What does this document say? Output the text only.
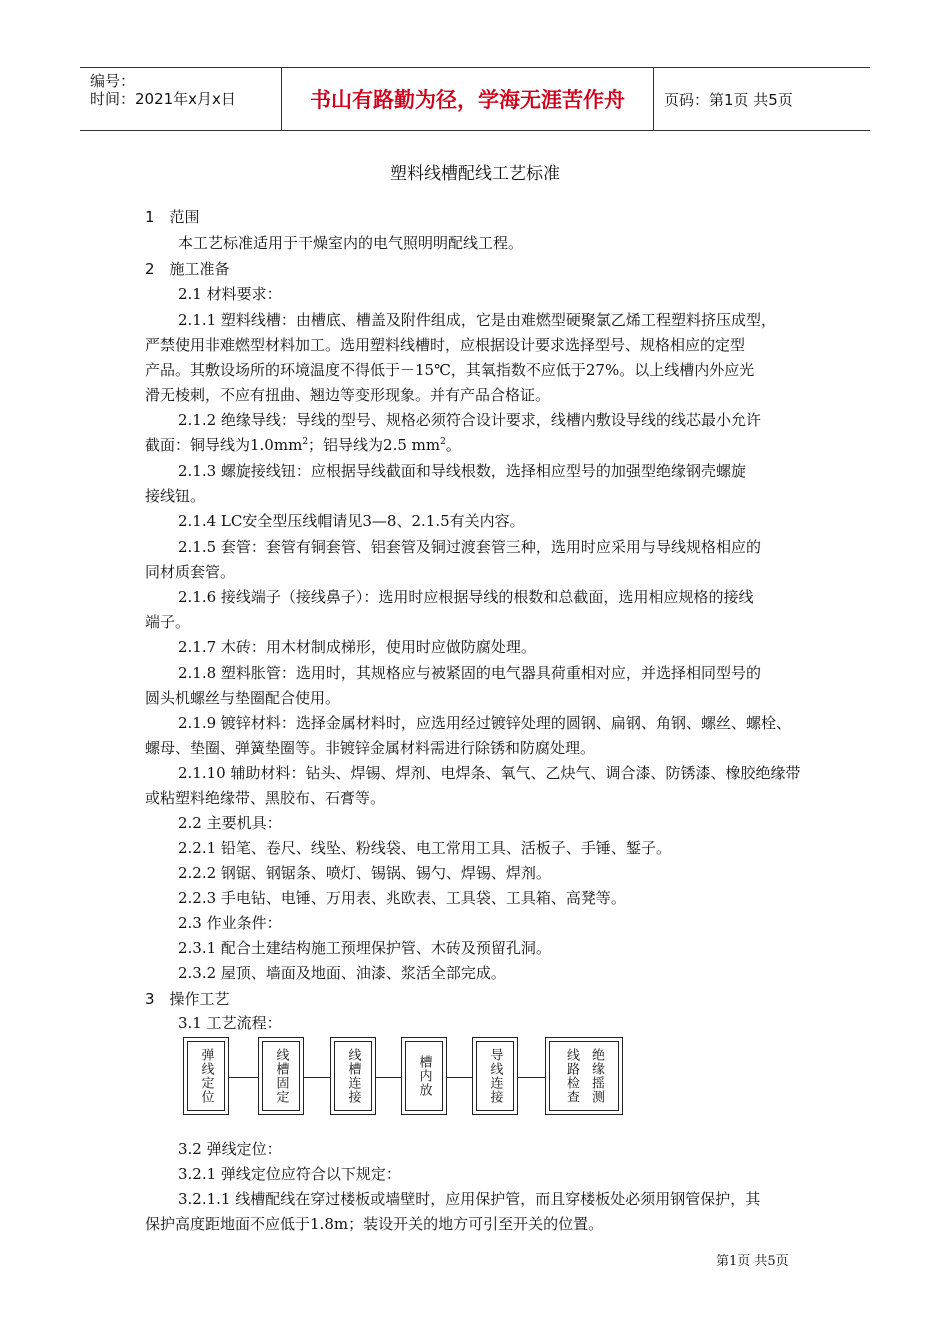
编号：
时间：2021年x月x日	书山有路勤为径，学海无涯苦作舟	页码：第1页 共5页
塑料线槽配线工艺标准
1　范围
本工艺标准适用于干燥室内的电气照明明配线工程。
2　施工准备
2.1 材料要求：
2.1.1 塑料线槽：由槽底、槽盖及附件组成，它是由难燃型硬聚氯乙烯工程塑料挤压成型，
严禁使用非难燃型材料加工。选用塑料线槽时，应根据设计要求选择型号、规格相应的定型
产品。其敷设场所的环境温度不得低于－15℃，其氧指数不应低于27%。以上线槽内外应光
滑无棱刺，不应有扭曲、翘边等变形现象。并有产品合格证。
2.1.2 绝缘导线：导线的型号、规格必须符合设计要求，线槽内敷设导线的线芯最小允许
截面：铜导线为$1.0mm^2$；铝导线为2.5 $mm^2$。
2.1.3 螺旋接线钮：应根据导线截面和导线根数，选择相应型号的加强型绝缘钢壳螺旋
接线钮。
2.1.4 LC安全型压线帽请见3—8、2.1.5有关内容。
2.1.5 套管：套管有铜套管、铝套管及铜过渡套管三种，选用时应采用与导线规格相应的
同材质套管。
2.1.6 接线端子（接线鼻子）：选用时应根据导线的根数和总截面，选用相应规格的接线
端子。
2.1.7 木砖：用木材制成梯形，使用时应做防腐处理。
2.1.8 塑料胀管：选用时，其规格应与被紧固的电气器具荷重相对应，并选择相同型号的
圆头机螺丝与垫圈配合使用。
2.1.9 镀锌材料：选择金属材料时，应选用经过镀锌处理的圆钢、扁钢、角钢、螺丝、螺栓、
螺母、垫圈、弹簧垫圈等。非镀锌金属材料需进行除锈和防腐处理。
2.1.10 辅助材料：钻头、焊锡、焊剂、电焊条、氧气、乙炔气、调合漆、防锈漆、橡胶绝缘带
或粘塑料绝缘带、黑胶布、石膏等。
2.2 主要机具：
2.2.1 铅笔、卷尺、线坠、粉线袋、电工常用工具、活板子、手锤、錾子。
2.2.2 钢锯、钢锯条、喷灯、锡锅、锡勺、焊锡、焊剂。
2.2.3 手电钻、电锤、万用表、兆欧表、工具袋、工具箱、高凳等。
2.3 作业条件：
2.3.1 配合土建结构施工预埋保护管、木砖及预留孔洞。
2.3.2 屋顶、墙面及地面、油漆、浆活全部完成。
3　操作工艺
3.1 工艺流程：
3.2 弹线定位：
3.2.1 弹线定位应符合以下规定：
3.2.1.1 线槽配线在穿过楼板或墙壁时，应用保护管，而且穿楼板处必须用钢管保护，其
保护高度距地面不应低于1.8m；装设开关的地方可引至开关的位置。
弹线定位	线槽固定	线槽连接	槽内放	导线连接	线路检查 绝缘摇测
第1页 共5页
